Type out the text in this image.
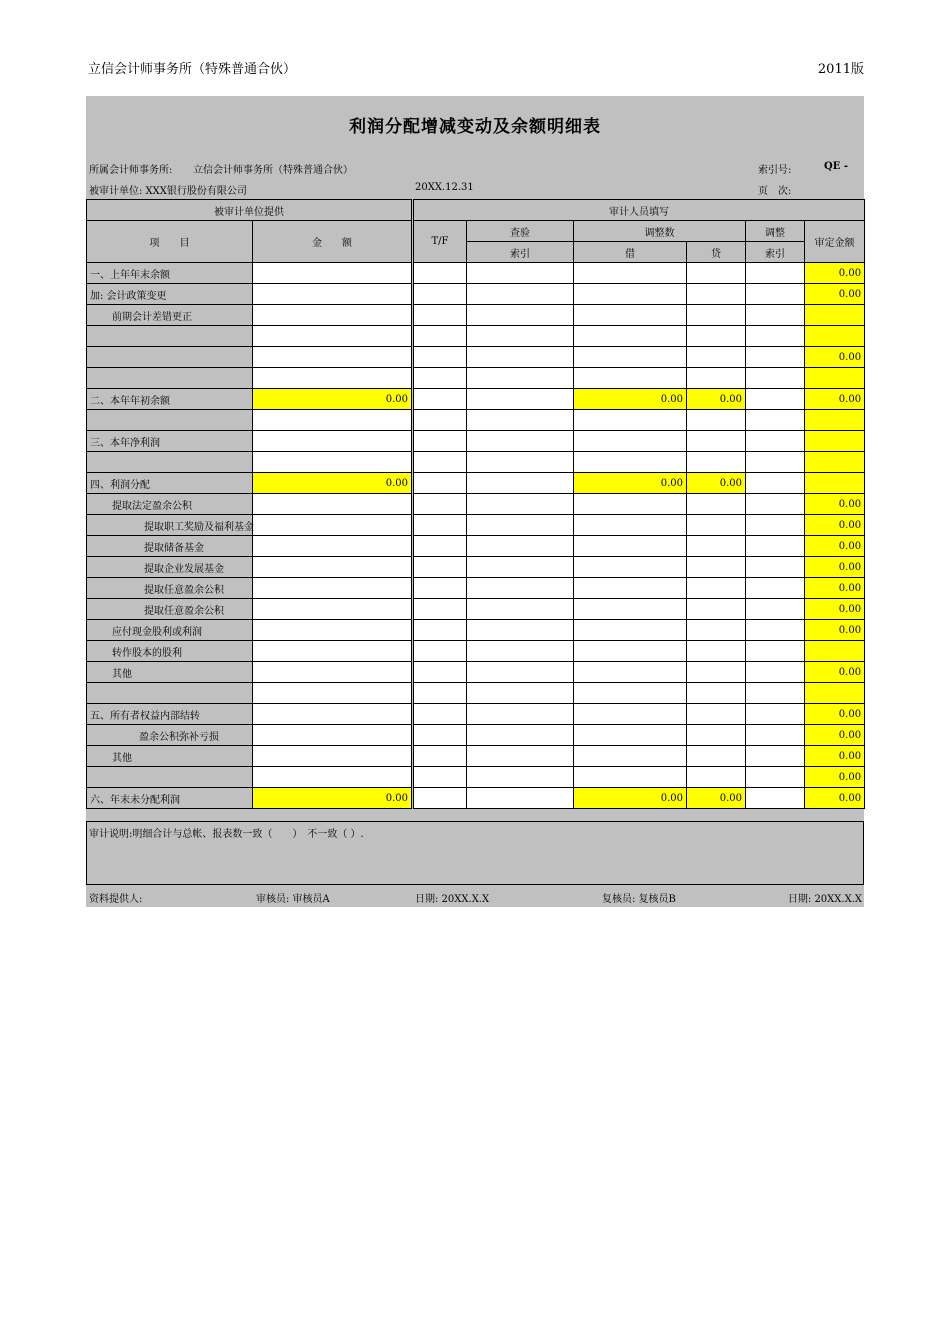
立信会计师事务所（特殊普通合伙）	2011版
利润分配增减变动及余额明细表
所属会计师事务所: 立信会计师事务所（特殊普通合伙）	索引号:	QE -
被审计单位: XXX银行股份有限公司	20XX.12.31	页　次:
被审计单位提供			审计人员填写					
项　　目	金　　额		T/F	查验	调整数		调整	审定金额
				索引	借	贷	索引	
一、上年年末余额								0.00
加: 会计政策变更								0.00
前期会计差错更正								

								0.00

二、本年年初余额	0.00				0.00	0.00		0.00

三、本年净利润								

四、利润分配	0.00				0.00	0.00		
提取法定盈余公积								0.00
提取职工奖励及福利基金								0.00
提取储备基金								0.00
提取企业发展基金								0.00
提取任意盈余公积								0.00
提取任意盈余公积								0.00
应付现金股利或利润								0.00
转作股本的股利								
其他								0.00

五、所有者权益内部结转								0.00
盈余公积弥补亏损								0.00
其他								0.00
								0.00
六、年末未分配利润	0.00				0.00	0.00		0.00
审计说明:明细合计与总帐、报表数一致（　　）　不一致（ ）.
资料提供人:	审核员: 审核员A	日期: 20XX.X.X	复核员: 复核员B	日期: 20XX.X.X
